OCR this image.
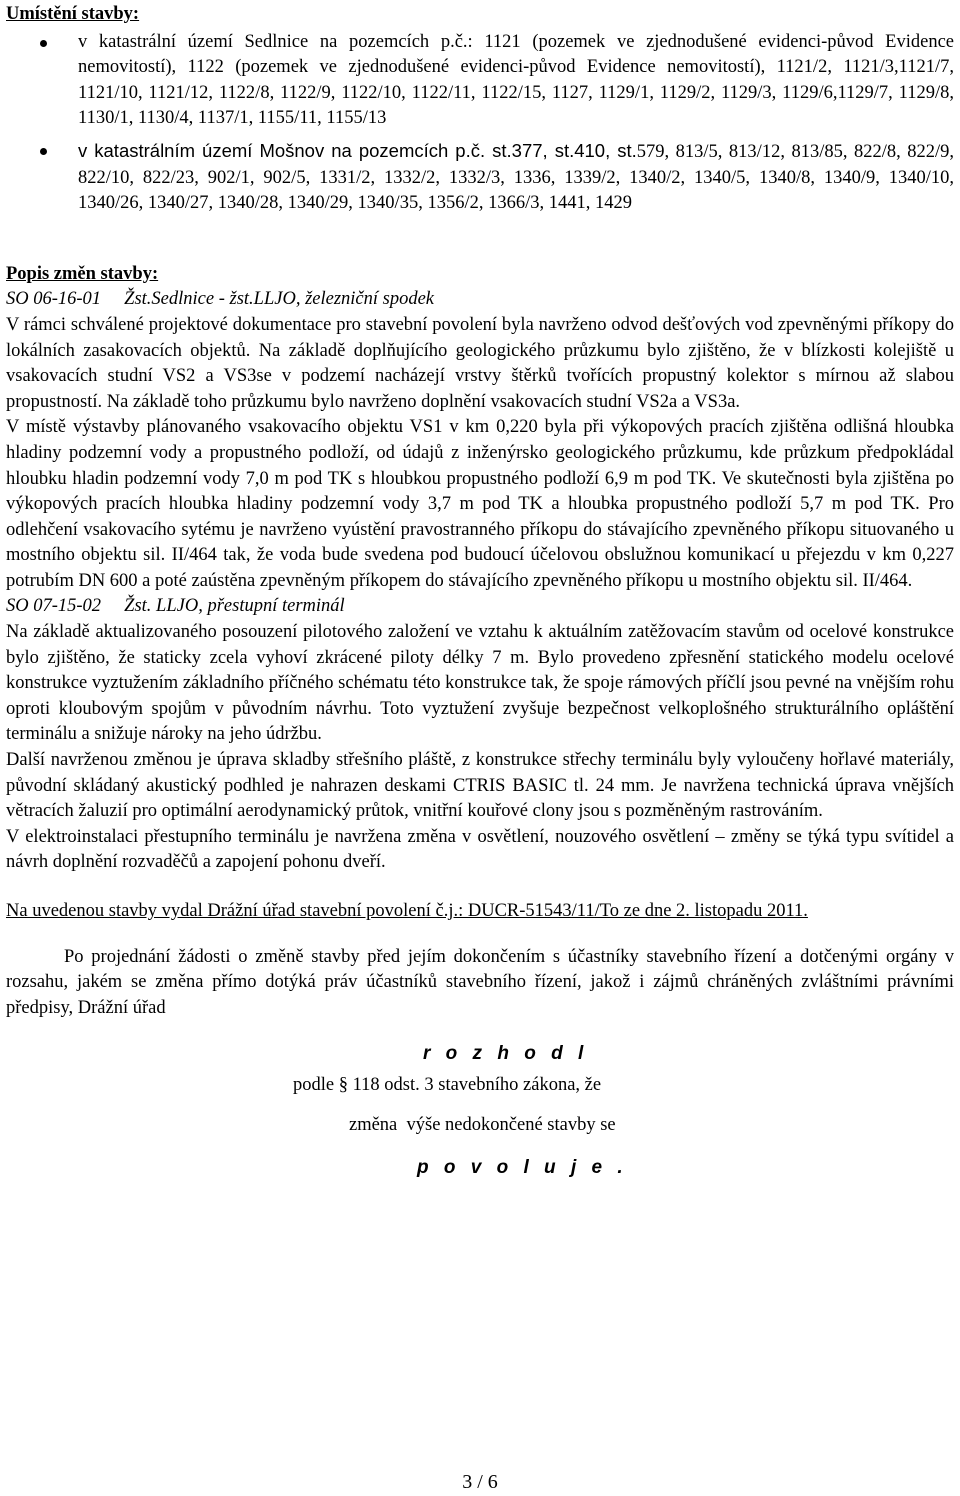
Umístění stavby:
v katastrální území Sedlnice na pozemcích p.č.: 1121 (pozemek ve zjednodušené evidenci-původ Evidence nemovitostí), 1122 (pozemek ve zjednodušené evidenci-původ Evidence nemovitostí), 1121/2, 1121/3,1121/7, 1121/10, 1121/12, 1122/8, 1122/9, 1122/10, 1122/11, 1122/15, 1127, 1129/1, 1129/2, 1129/3, 1129/6,1129/7, 1129/8, 1130/1, 1130/4, 1137/1, 1155/11, 1155/13
v katastrálním území Mošnov na pozemcích p.č. st.377, st.410, st.579, 813/5, 813/12, 813/85, 822/8, 822/9, 822/10, 822/23, 902/1, 902/5, 1331/2, 1332/2, 1332/3, 1336, 1339/2, 1340/2, 1340/5, 1340/8, 1340/9, 1340/10, 1340/26, 1340/27, 1340/28, 1340/29, 1340/35, 1356/2, 1366/3, 1441, 1429
Popis změn stavby:
SO 06-16-01     Žst.Sedlnice - žst.LLJO, železniční spodek

V rámci schválené projektové dokumentace pro stavební povolení byla navrženo odvod dešťových vod zpevněnými příkopy do lokálních zasakovacích objektů. Na základě doplňujícího geologického průzkumu bylo zjištěno, že v blízkosti kolejiště u vsakovacích studní VS2 a VS3se v podzemí nacházejí vrstvy štěrků tvořících propustný kolektor s mírnou až slabou propustností. Na základě toho průzkumu bylo navrženo doplnění vsakovacích studní VS2a a VS3a.

V místě výstavby plánovaného vsakovacího objektu VS1 v km 0,220 byla při výkopových pracích zjištěna odlišná hloubka hladiny podzemní vody a propustného podloží, od údajů z inženýrsko geologického průzkumu, kde průzkum předpokládal hloubku hladin podzemní vody 7,0 m pod TK s hloubkou propustného podloží 6,9 m pod TK. Ve skutečnosti byla zjištěna po výkopových pracích hloubka hladiny podzemní vody 3,7 m pod TK a hloubka propustného podloží 5,7 m pod TK. Pro odlehčení vsakovacího sytému je navrženo vyústění pravostranného příkopu do stávajícího zpevněného příkopu situovaného u mostního objektu sil. II/464 tak, že voda bude svedena pod budoucí účelovou obslužnou komunikací u přejezdu v km 0,227 potrubím DN 600 a poté zaústěna zpevněným příkopem do stávajícího zpevněného příkopu u mostního objektu sil. II/464.

SO 07-15-02     Žst. LLJO, přestupní terminál

Na základě aktualizovaného posouzení pilotového založení ve vztahu k aktuálním zatěžovacím stavům od ocelové konstrukce bylo zjištěno, že staticky zcela vyhoví zkrácené piloty délky 7 m. Bylo provedeno zpřesnění statického modelu ocelové konstrukce vyztužením základního příčného schématu této konstrukce tak, že spoje rámových příčlí jsou pevné na vnějším rohu oproti kloubovým spojům v původním návrhu. Toto vyztužení zvyšuje bezpečnost velkoplošného strukturálního opláštění terminálu a snižuje nároky na jeho údržbu.

Další navrženou změnou je úprava skladby střešního pláště, z konstrukce střechy terminálu byly vyloučeny hořlavé materiály, původní skládaný akustický podhled je nahrazen deskami CTRIS BASIC tl. 24 mm. Je navržena technická úprava vnějších větracích žaluzií pro optimální aerodynamický průtok, vnitřní kouřové clony jsou s pozměněným rastrováním.

V elektroinstalaci přestupního terminálu je navržena změna v osvětlení, nouzového osvětlení – změny se týká typu svítidel a návrh doplnění rozvaděčů a zapojení pohonu dveří.

Na uvedenou stavby vydal Drážní úřad stavební povolení č.j.: DUCR-51543/11/To ze dne 2. listopadu 2011.

Po projednání žádosti o změně stavby před jejím dokončením s účastníky stavebního řízení a dotčenými orgány v rozsahu, jakém se změna přímo dotýká práv účastníků stavebního řízení, jakož i zájmů chráněných zvláštními právními předpisy, Drážní úřad

r o z h o d l
podle § 118 odst. 3 stavebního zákona, že
změna  výše nedokončené stavby se
p o v o l u j e .
3 / 6
